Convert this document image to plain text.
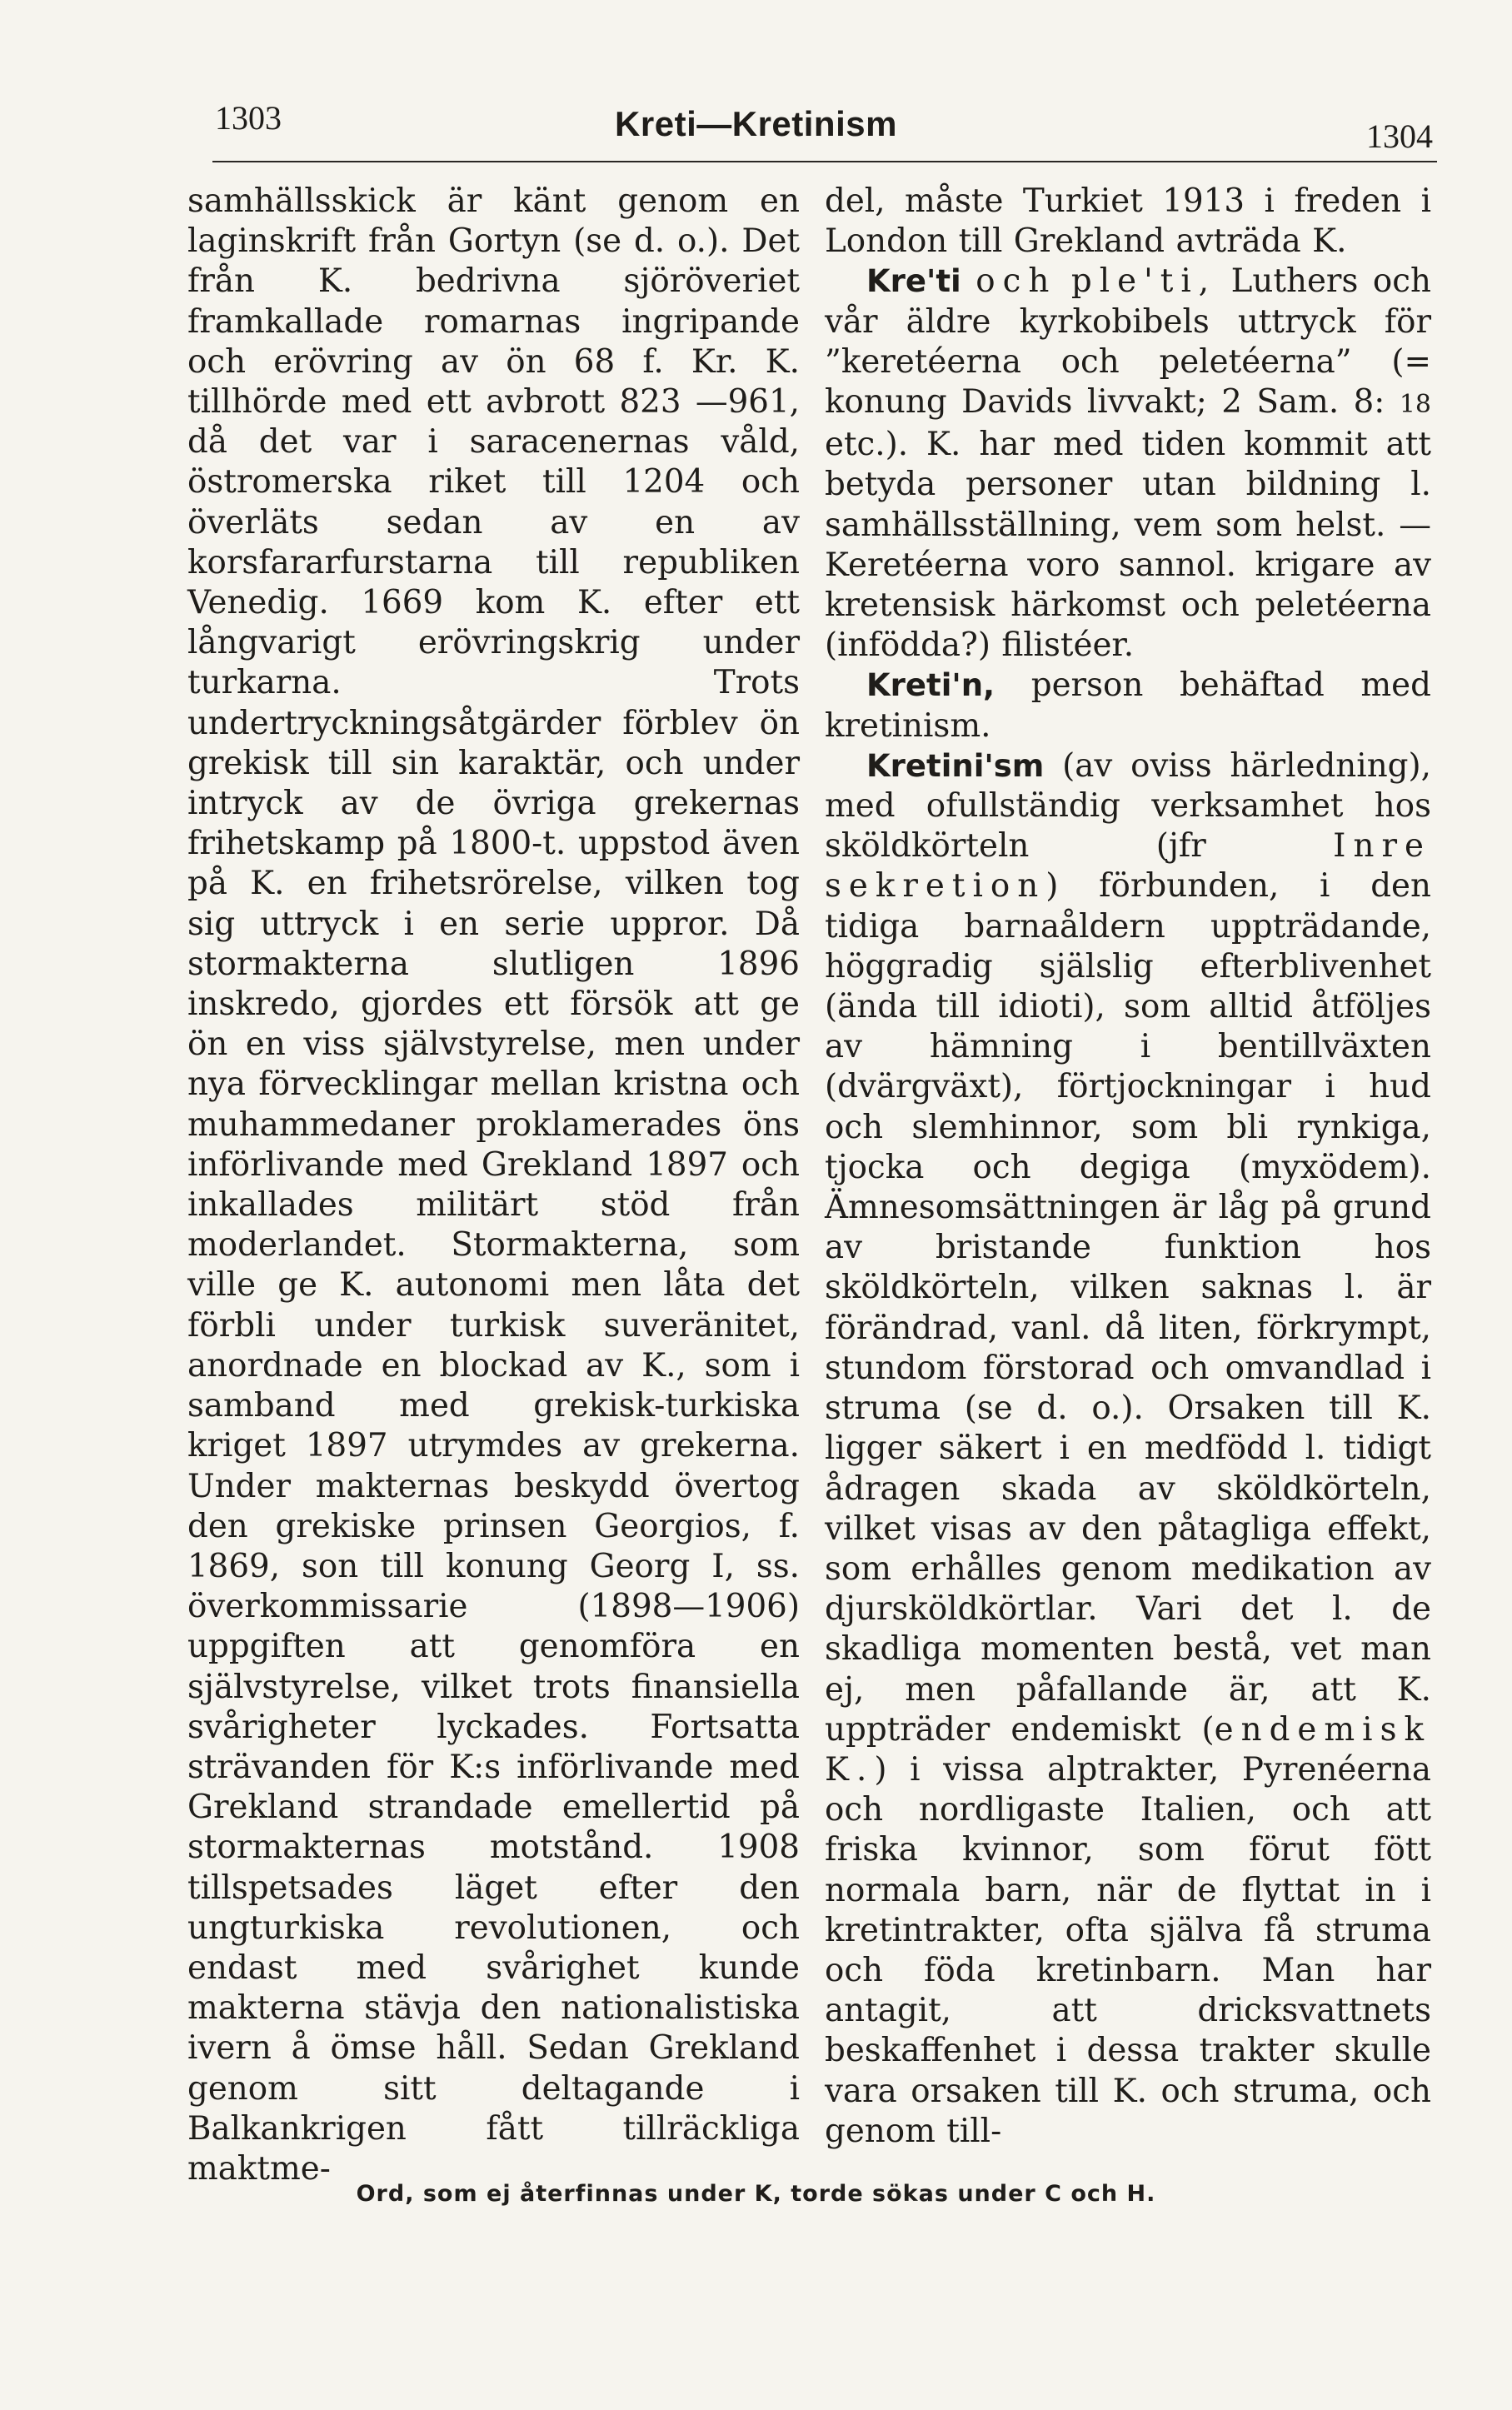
1303	Kreti—Kretinism	1304

samhällsskick är känt genom en laginskrift från Gortyn (se d. o.). Det från K. bedrivna sjöröveriet framkallade romarnas ingripande och erövring av ön 68 f. Kr. K. tillhörde med ett avbrott 823 —961, då det var i saracenernas våld, östromerska riket till 1204 och överläts sedan av en av korsfararfurstarna till republiken Venedig. 1669 kom K. efter ett långvarigt erövringskrig under turkarna. Trots undertryckningsåtgärder förblev ön grekisk till sin karaktär, och under intryck av de övriga grekernas frihetskamp på 1800-t. uppstod även på K. en frihetsrörelse, vilken tog sig uttryck i en serie uppror. Då stormakterna slutligen 1896 inskredo, gjordes ett försök att ge ön en viss självstyrelse, men under nya förvecklingar mellan kristna och muhammedaner proklamerades öns införlivande med Grekland 1897 och inkallades militärt stöd från moderlandet. Stormakterna, som ville ge K. autonomi men låta det förbli under turkisk suveränitet, anordnade en blockad av K., som i samband med grekisk-turkiska kriget 1897 utrymdes av grekerna. Under makternas beskydd övertog den grekiske prinsen Georgios, f. 1869, son till konung Georg I, ss. överkommissarie (1898—1906) uppgiften att genomföra en självstyrelse, vilket trots finansiella svårigheter lyckades. Fortsatta strävanden för K:s införlivande med Grekland strandade emellertid på stormakternas motstånd. 1908 tillspetsades läget efter den ungturkiska revolutionen, och endast med svårighet kunde makterna stävja den nationalistiska ivern å ömse håll. Sedan Grekland genom sitt deltagande i Balkankrigen fått tillräckliga maktme-

del, måste Turkiet 1913 i freden i London till Grekland avträda K.

Kre'ti och ple'ti, Luthers och vår äldre kyrkobibels uttryck för ”keretéerna och peletéerna” (= konung Davids livvakt; 2 Sam. 8: 18 etc.). K. har med tiden kommit att betyda personer utan bildning l. samhällsställning, vem som helst. — Keretéerna voro sannol. krigare av kretensisk härkomst och peletéerna (infödda?) filistéer.

Kreti'n, person behäftad med kretinism.

Kretini'sm (av oviss härledning), med ofullständig verksamhet hos sköldkörteln (jfr	Inre sekretion) förbunden, i den tidiga barnaåldern uppträdande, höggradig själslig efterblivenhet (ända till idioti), som alltid åtföljes av hämning i bentillväxten (dvärgväxt), förtjockningar i hud och slemhinnor, som bli rynkiga, tjocka och degiga (myxödem). Ämnesomsättningen är låg på grund av bristande funktion hos sköldkörteln, vilken saknas l. är förändrad, vanl. då liten, förkrympt, stundom förstorad och omvandlad i struma (se d. o.). Orsaken till K. ligger säkert i en medfödd l. tidigt ådragen skada av sköldkörteln, vilket visas av den påtagliga effekt, som erhålles genom medikation av djursköldkörtlar. Vari det l. de skadliga momenten bestå, vet man ej, men påfallande är, att K. uppträder endemiskt (endemisk K.) i vissa alptrakter, Pyrenéerna och nordligaste Italien, och att friska kvinnor, som förut fött normala barn, när de flyttat in i kretintrakter, ofta själva få struma och föda kretinbarn. Man har antagit, att dricksvattnets beskaffenhet i dessa trakter skulle vara orsaken till K. och struma, och genom till-

Ord, som ej återfinnas under K, torde sökas under C och H.
